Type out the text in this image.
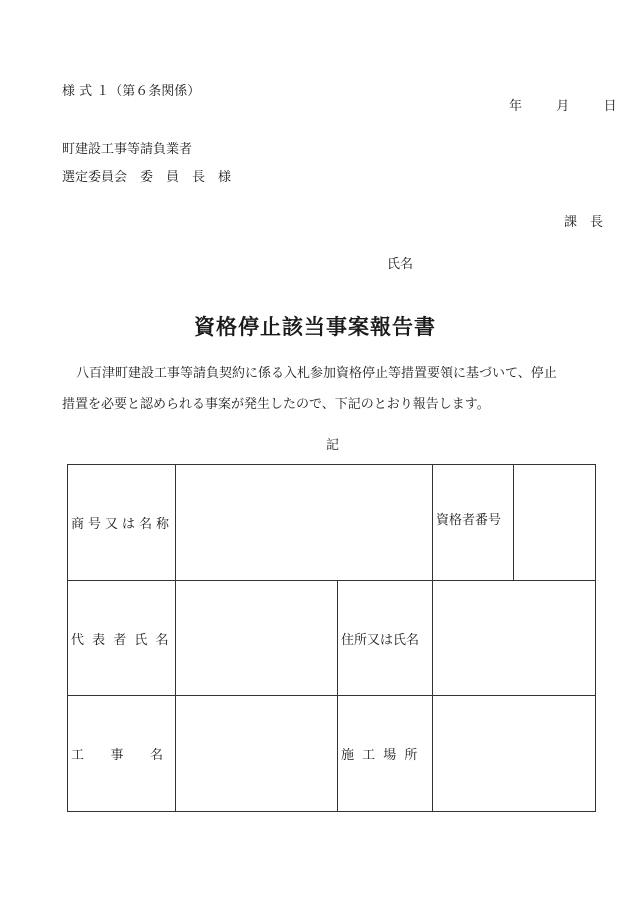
様 式 １（第６条関係）
年	月	日
町建設工事等請負業者
選定委員会　委　員　長　様
課　長
氏名
資格停止該当事案報告書
八百津町建設工事等請負契約に係る入札参加資格停止等措置要領に基づいて、停止
措置を必要と認められる事案が発生したので、下記のとおり報告します。
記
商号又は名称			資格者番号	
代 表 者 氏 名		住所又は氏名		

工 事 名		施 工 場 所		
